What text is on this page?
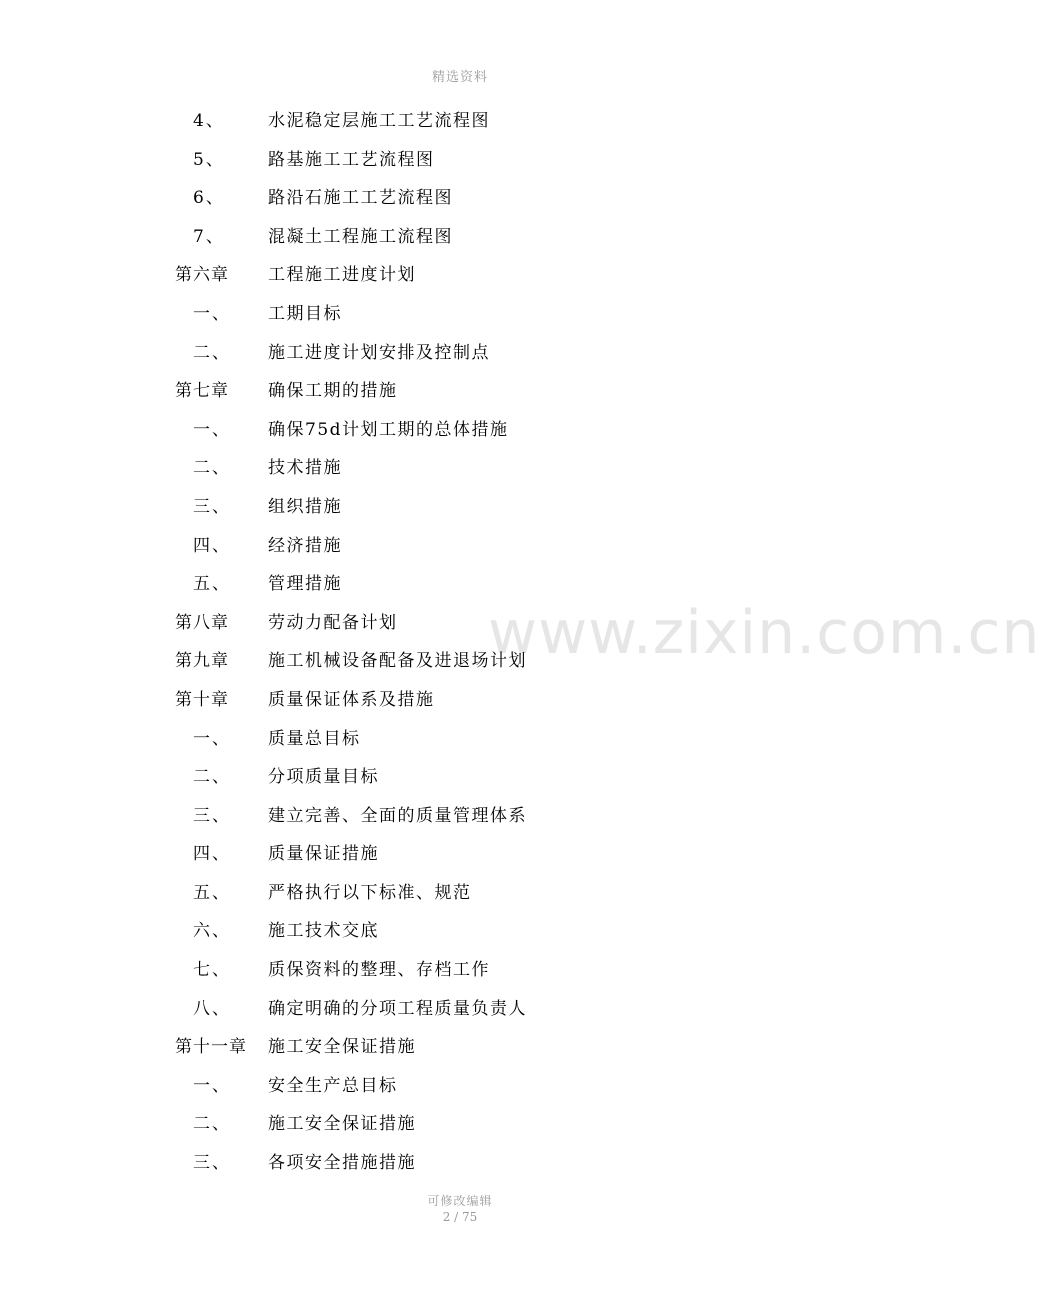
精选资料
www.zixin.com.cn
4、	水泥稳定层施工工艺流程图
5、	路基施工工艺流程图
6、	路沿石施工工艺流程图
7、	混凝土工程施工流程图
第六章 工程施工进度计划
一、 工期目标
二、 施工进度计划安排及控制点
第七章 确保工期的措施
一、 确保75d计划工期的总体措施
二、 技术措施
三、 组织措施
四、 经济措施
五、 管理措施
第八章 劳动力配备计划
第九章 施工机械设备配备及进退场计划
第十章 质量保证体系及措施
一、 质量总目标
二、 分项质量目标
三、 建立完善、全面的质量管理体系
四、 质量保证措施
五、 严格执行以下标准、规范
六、 施工技术交底
七、 质保资料的整理、存档工作
八、 确定明确的分项工程质量负责人
第十一章 施工安全保证措施
一、 安全生产总目标
二、 施工安全保证措施
三、 各项安全措施措施
可修改编辑
2 / 75
